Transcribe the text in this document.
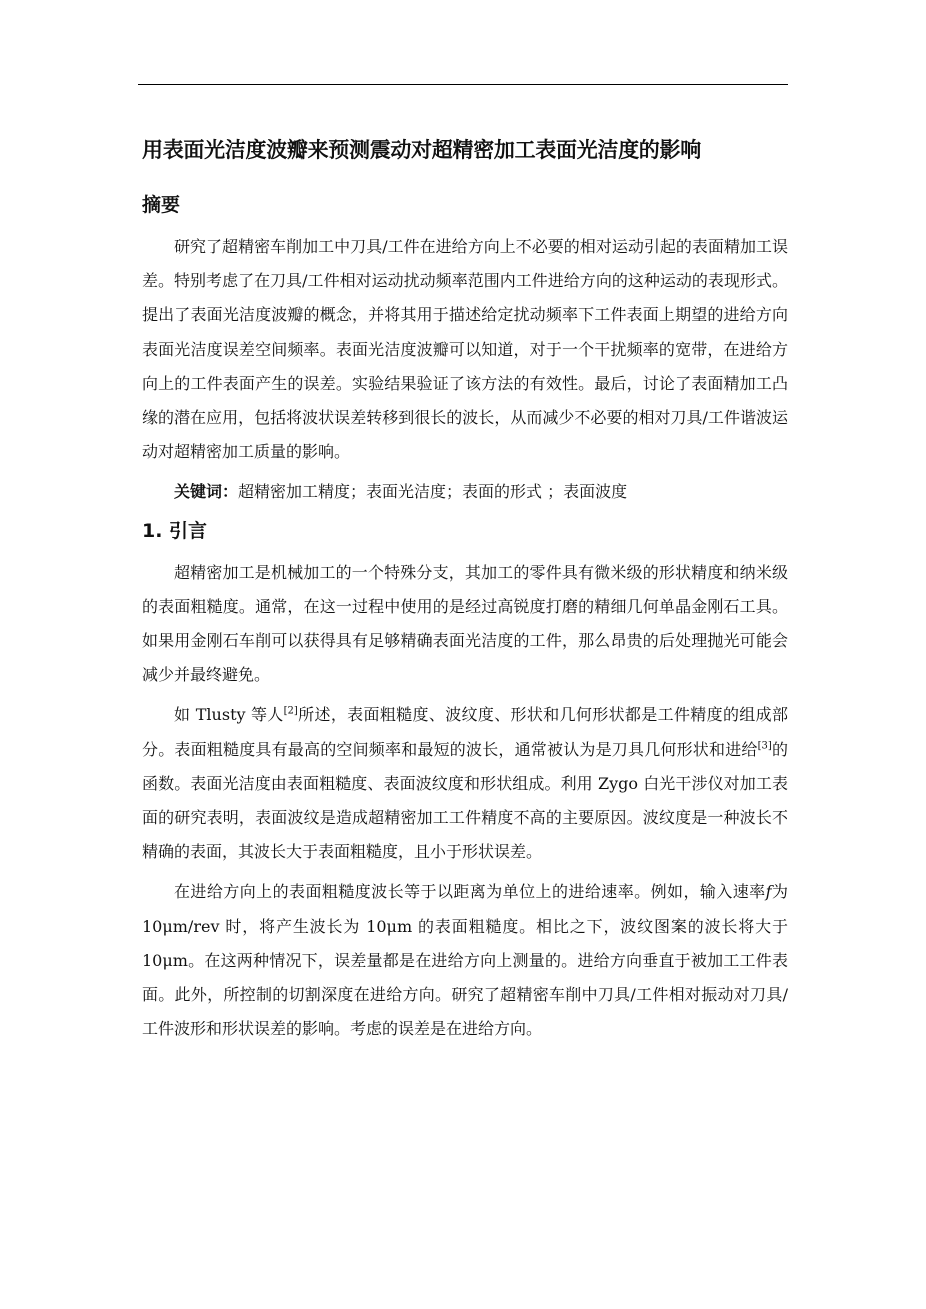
用表面光洁度波瓣来预测震动对超精密加工表面光洁度的影响
摘要

研究了超精密车削加工中刀具/工件在进给方向上不必要的相对运动引起的表面精加工误差。特别考虑了在刀具/工件相对运动扰动频率范围内工件进给方向的这种运动的表现形式。提出了表面光洁度波瓣的概念，并将其用于描述给定扰动频率下工件表面上期望的进给方向表面光洁度误差空间频率。表面光洁度波瓣可以知道，对于一个干扰频率的宽带，在进给方向上的工件表面产生的误差。实验结果验证了该方法的有效性。最后，讨论了表面精加工凸缘的潜在应用，包括将波状误差转移到很长的波长，从而减少不必要的相对刀具/工件谐波运动对超精密加工质量的影响。

关键词：超精密加工精度；表面光洁度；表面的形式 ；表面波度

1. 引言

超精密加工是机械加工的一个特殊分支，其加工的零件具有微米级的形状精度和纳米级的表面粗糙度。通常，在这一过程中使用的是经过高锐度打磨的精细几何单晶金刚石工具。如果用金刚石车削可以获得具有足够精确表面光洁度的工件，那么昂贵的后处理抛光可能会减少并最终避免。

如 Tlusty 等人[2]所述，表面粗糙度、波纹度、形状和几何形状都是工件精度的组成部分。表面粗糙度具有最高的空间频率和最短的波长，通常被认为是刀具几何形状和进给[3]的函数。表面光洁度由表面粗糙度、表面波纹度和形状组成。利用 Zygo 白光干涉仪对加工表面的研究表明，表面波纹是造成超精密加工工件精度不高的主要原因。波纹度是一种波长不精确的表面，其波长大于表面粗糙度，且小于形状误差。

在进给方向上的表面粗糙度波长等于以距离为单位上的进给速率。例如，输入速率f为 10μm/rev 时，将产生波长为 10μm 的表面粗糙度。相比之下，波纹图案的波长将大于 10μm。在这两种情况下，误差量都是在进给方向上测量的。进给方向垂直于被加工工件表面。此外，所控制的切割深度在进给方向。研究了超精密车削中刀具/工件相对振动对刀具/工件波形和形状误差的影响。考虑的误差是在进给方向。
